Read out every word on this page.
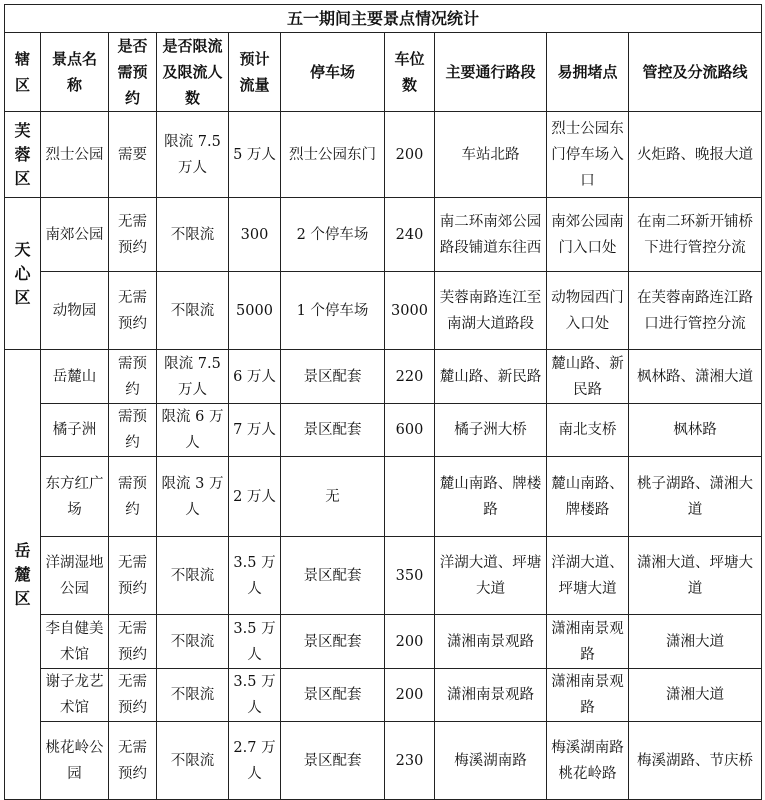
五一期间主要景点情况统计									
辖区	景点名称	是否需预约	是否限流及限流人数	预计流量	停车场	车位数	主要通行路段	易拥堵点	管控及分流路线

芙
蓉
区	烈士公园	需要	限流 7.5 万人	5 万人	烈士公园东门	200	车站北路	烈士公园东门停车场入口	火炬路、晚报大道

天
心
区	南郊公园	无需预约	不限流	300	2 个停车场	240	南二环南郊公园路段铺道东往西	南郊公园南门入口处	在南二环新开铺桥下进行管控分流
	动物园	无需预约	不限流	5000	1 个停车场	3000	芙蓉南路连江至南湖大道路段	动物园西门入口处	在芙蓉南路连江路口进行管控分流

岳
麓
区	岳麓山	需预约	限流 7.5 万人	6 万人	景区配套	220	麓山路、新民路	麓山路、新民路	枫林路、潇湘大道
	橘子洲	需预约	限流 6 万人	7 万人	景区配套	600	橘子洲大桥	南北支桥	枫林路
	东方红广场	需预约	限流 3 万人	2 万人	无		麓山南路、牌楼路	麓山南路、牌楼路	桃子湖路、潇湘大道
	洋湖湿地公园	无需预约	不限流	3.5 万人	景区配套	350	洋湖大道、坪塘大道	洋湖大道、坪塘大道	潇湘大道、坪塘大道
	李自健美术馆	无需预约	不限流	3.5 万人	景区配套	200	潇湘南景观路	潇湘南景观路	潇湘大道
	谢子龙艺术馆	无需预约	不限流	3.5 万人	景区配套	200	潇湘南景观路	潇湘南景观路	潇湘大道
	桃花岭公园	无需预约	不限流	2.7 万人	景区配套	230	梅溪湖南路	梅溪湖南路桃花岭路	梅溪湖路、节庆桥
